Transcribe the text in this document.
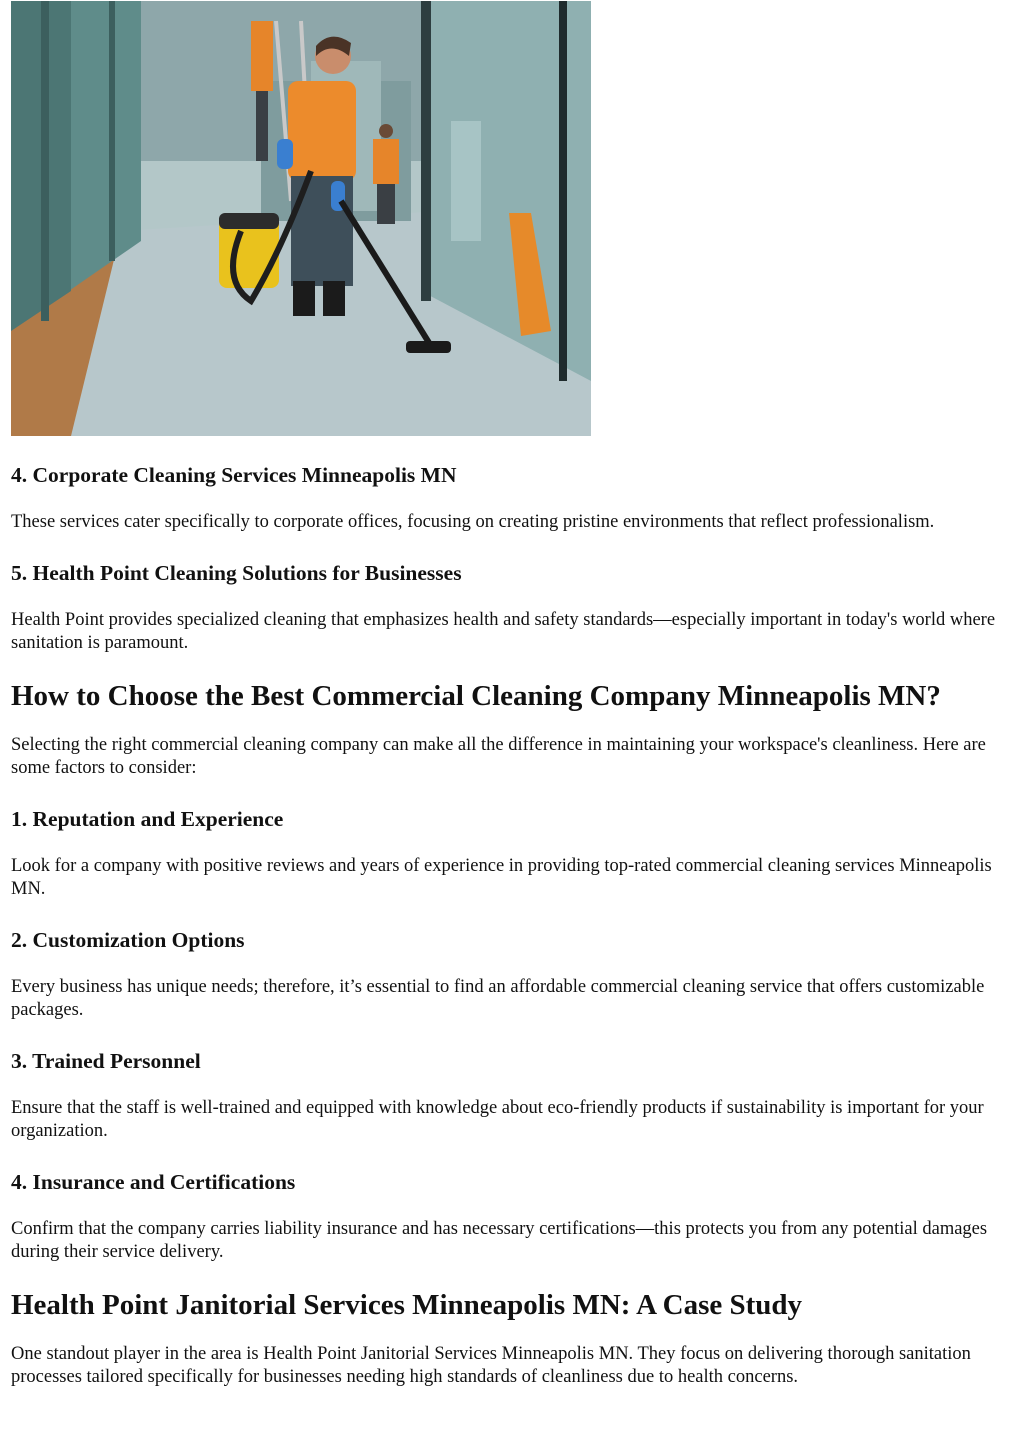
4. Corporate Cleaning Services Minneapolis MN

These services cater specifically to corporate offices, focusing on creating pristine environments that reflect professionalism.

5. Health Point Cleaning Solutions for Businesses

Health Point provides specialized cleaning that emphasizes health and safety standards—especially important in today's world where sanitation is paramount.

How to Choose the Best Commercial Cleaning Company Minneapolis MN?

Selecting the right commercial cleaning company can make all the difference in maintaining your workspace's cleanliness. Here are some factors to consider:

1. Reputation and Experience

Look for a company with positive reviews and years of experience in providing top-rated commercial cleaning services Minneapolis MN.

2. Customization Options

Every business has unique needs; therefore, it’s essential to find an affordable commercial cleaning service that offers customizable packages.

3. Trained Personnel

Ensure that the staff is well-trained and equipped with knowledge about eco-friendly products if sustainability is important for your organization.

4. Insurance and Certifications

Confirm that the company carries liability insurance and has necessary certifications—this protects you from any potential damages during their service delivery.

Health Point Janitorial Services Minneapolis MN: A Case Study

One standout player in the area is Health Point Janitorial Services Minneapolis MN. They focus on delivering thorough sanitation processes tailored specifically for businesses needing high standards of cleanliness due to health concerns.
